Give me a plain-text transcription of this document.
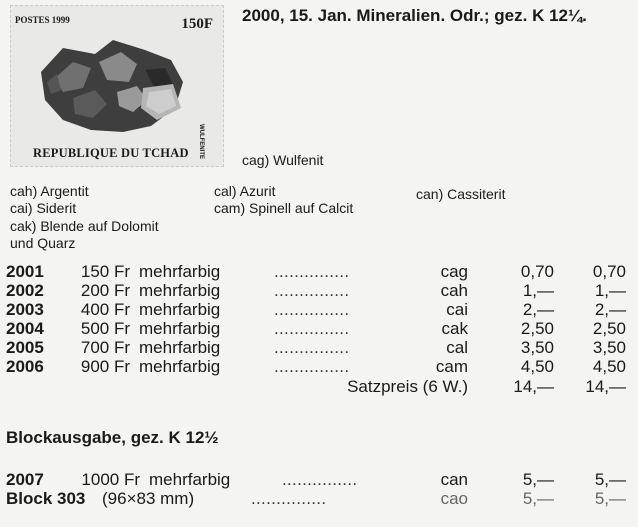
POSTES 1999	150F
REPUBLIQUE DU TCHAD WULFENITE
2000, 15. Jan. Mineralien. Odr.; gez. K 12¼.
cag) Wulfenit
cah) Argentit
cai) Siderit
cak) Blende auf Dolomit
und Quarz
cal) Azurit
cam) Spinell auf Calcit
can) Cassiterit
2001 150 Fr mehrfarbig	...............	cag	0,70	0,70
2002 200 Fr mehrfarbig	...............	cah	1,—	1,—
2003 400 Fr mehrfarbig	...............	cai	2,—	2,—
2004 500 Fr mehrfarbig	...............	cak	2,50	2,50
2005 700 Fr mehrfarbig	...............	cal	3,50	3,50
2006 900 Fr mehrfarbig	...............	cam	4,50	4,50
Satzpreis (6 W.)	14,—	14,—
Blockausgabe, gez. K 12½
2007	1000 Fr mehrfarbig	...............	can	5,—	5,—
Block 303 (96×83 mm)	...............	cao	5,—	5,—
